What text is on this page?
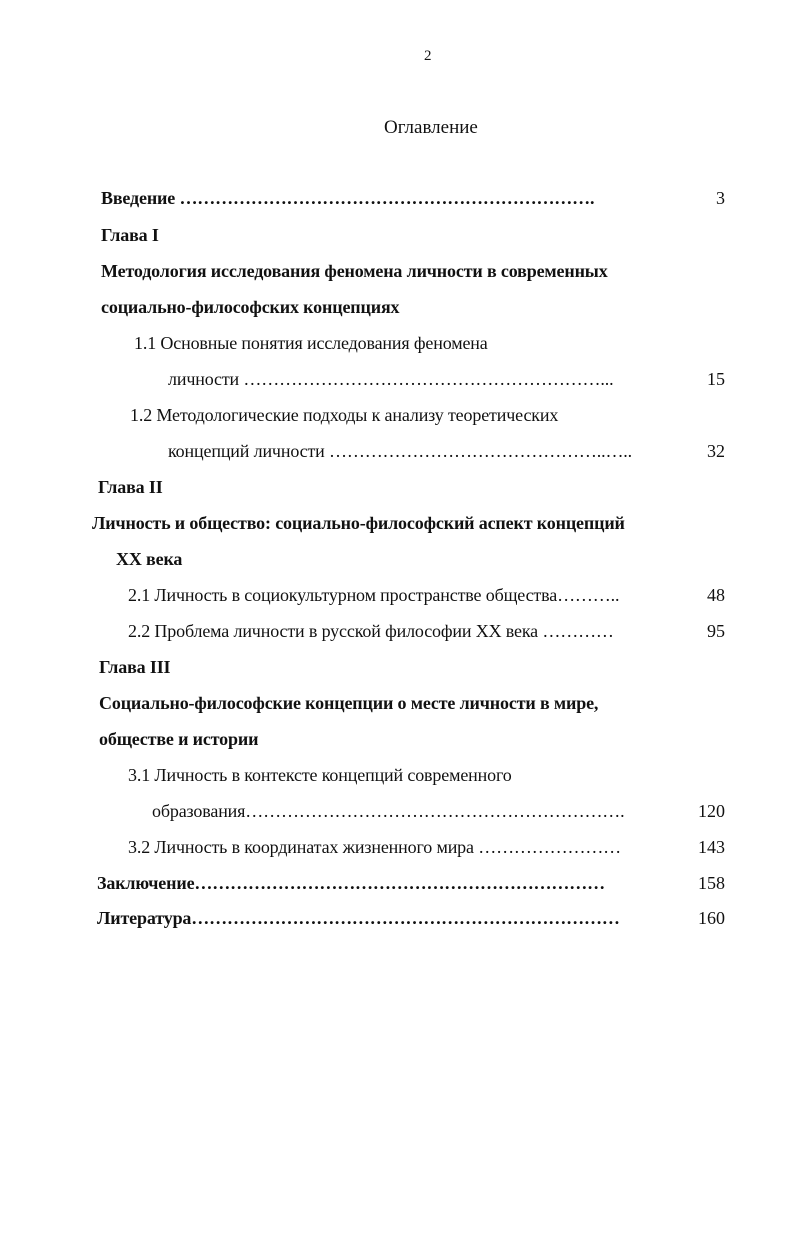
2
Оглавление
Введение …………………………………………………………….	3
Глава I
Методология исследования феномена личности в современных
социально-философских концепциях
1.1 Основные понятия исследования феномена
личности ……………………………………………………...	15
1.2 Методологические подходы к анализу теоретических
концепций личности ………………………………………..…..	32
Глава II
Личность и общество: социально-философский аспект концепций
XX века
2.1 Личность в социокультурном пространстве общества………..	48
2.2 Проблема личности в русской философии XX века …………	95
Глава III
Социально-философские концепции о месте личности в мире,
обществе и истории
3.1 Личность в контексте концепций современного
образования……………………………………………………….	120
3.2 Личность в координатах жизненного мира ……………………	143
Заключение……………………………………………………………	158
Литература………………………………………………………………	160
